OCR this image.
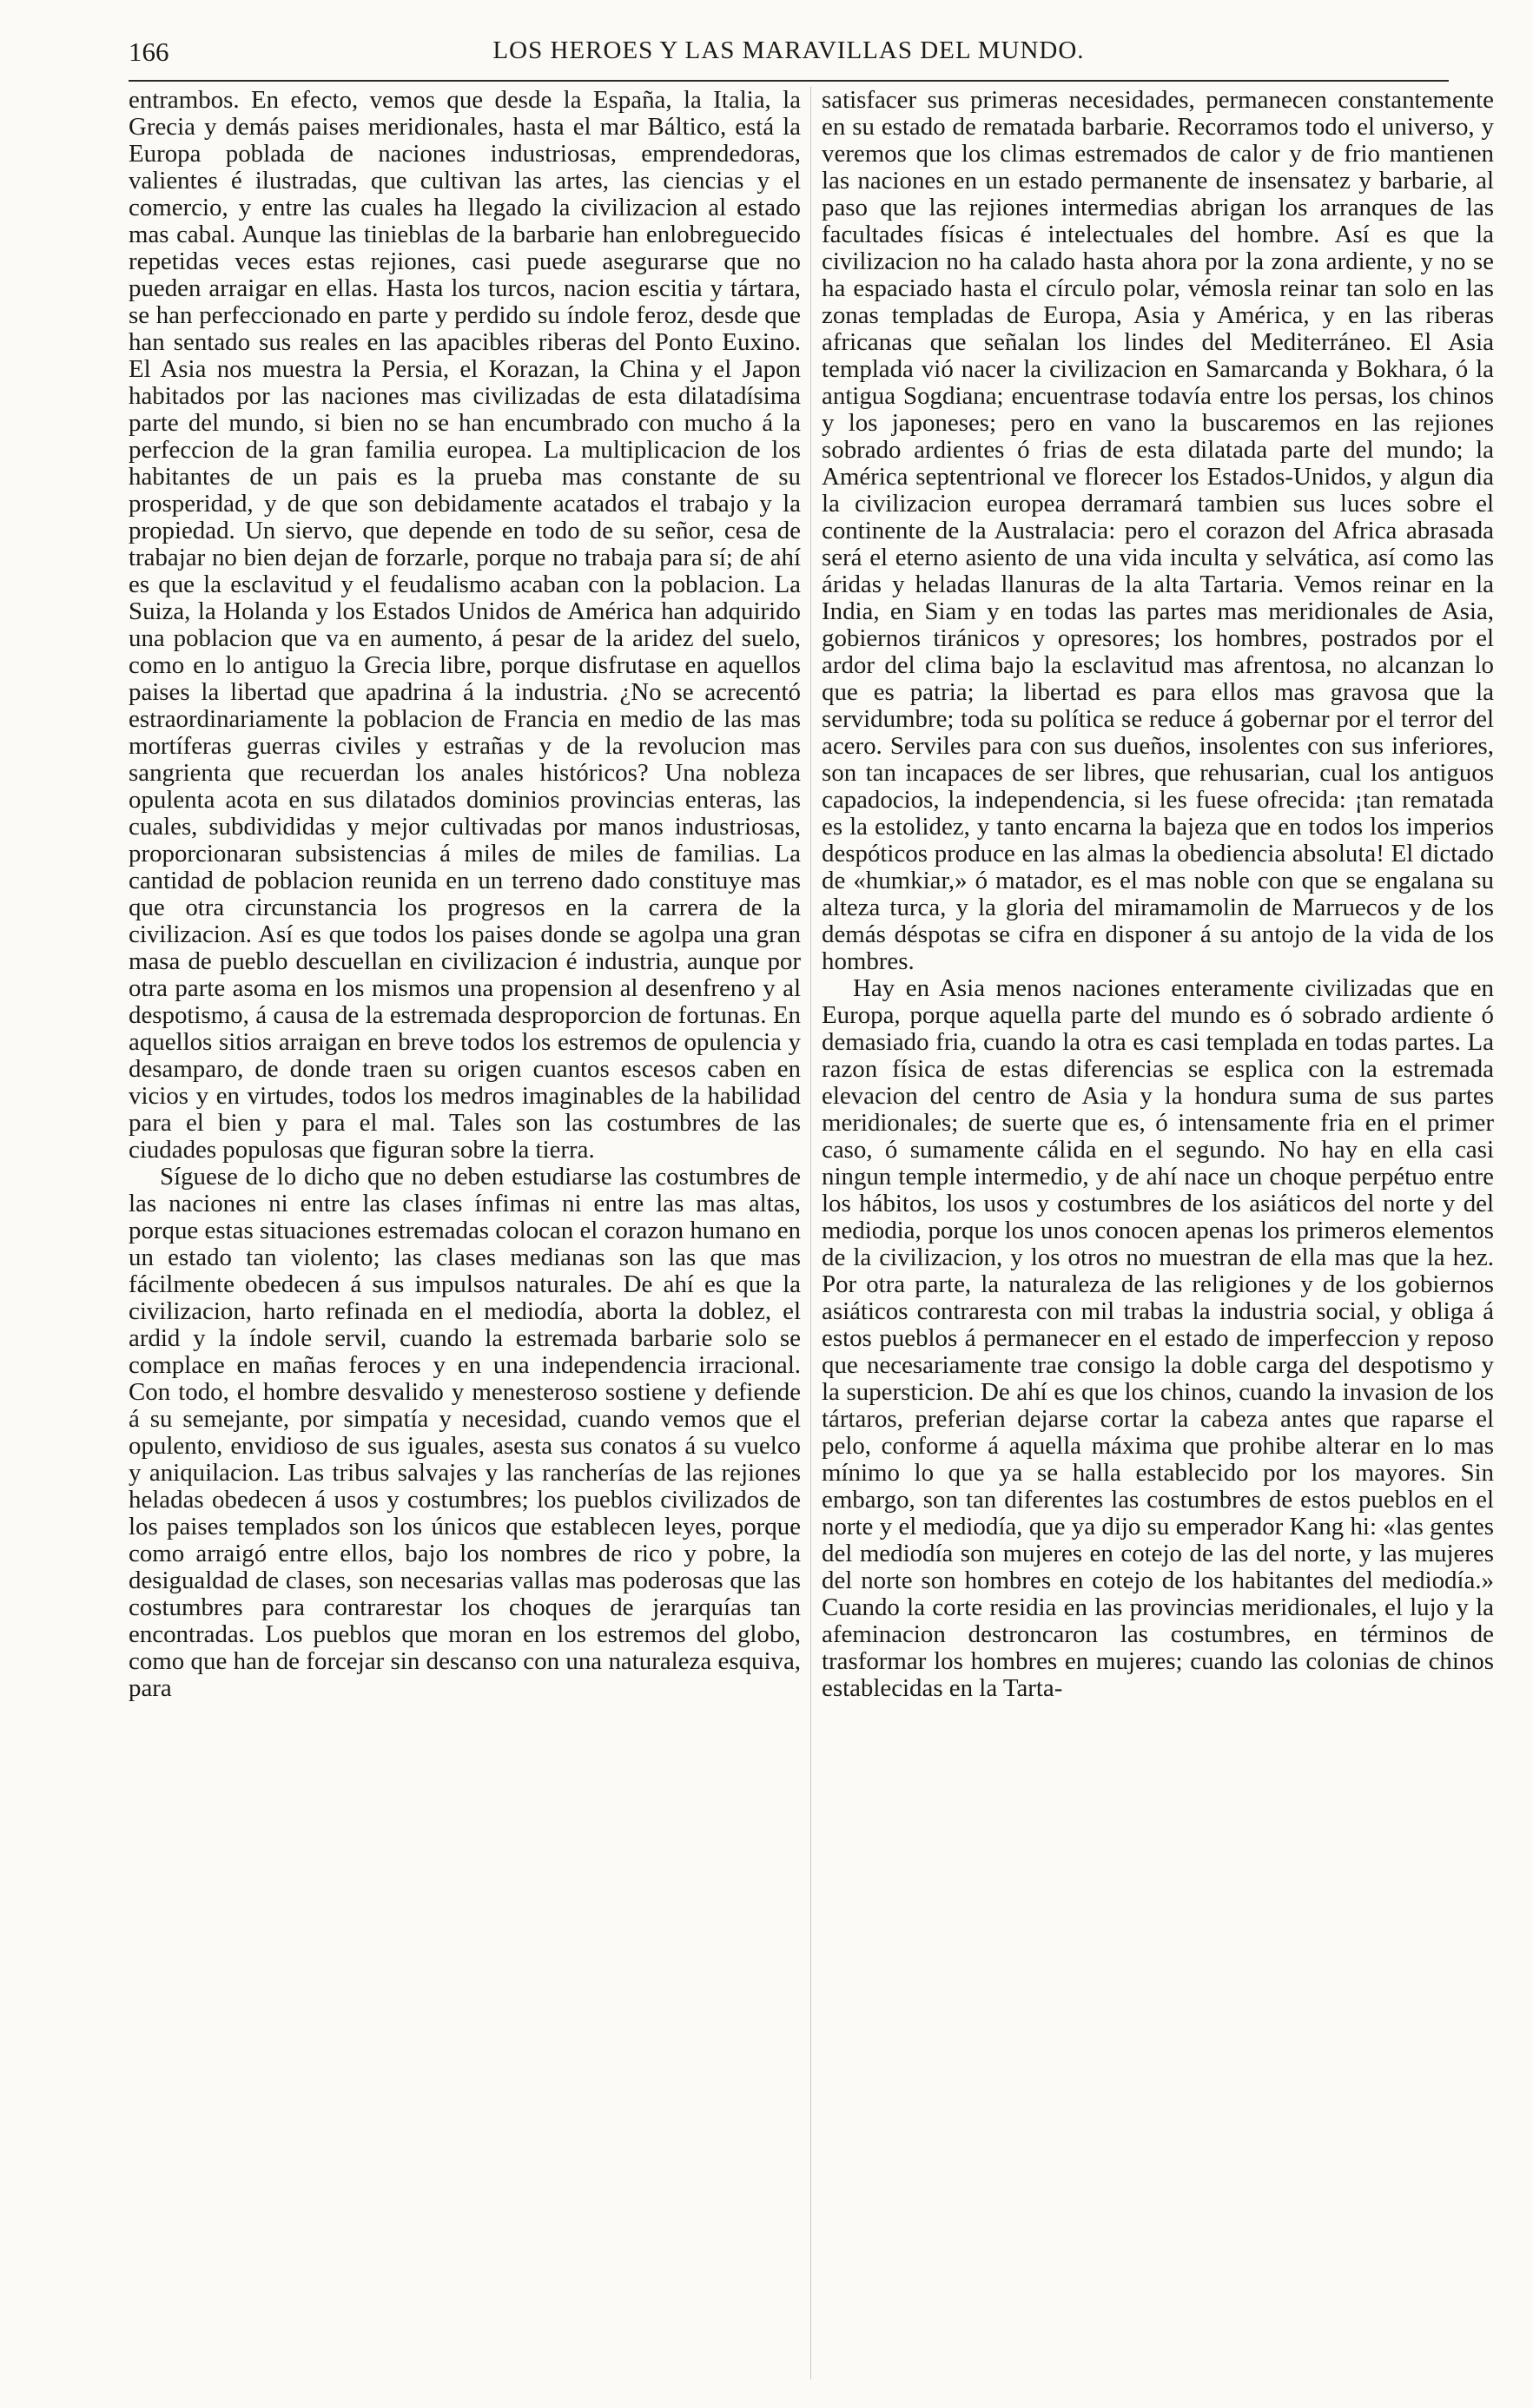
166	LOS HEROES Y LAS MARAVILLAS DEL MUNDO.

entrambos. En efecto, vemos que desde la España, la Italia, la Grecia y demás paises meridionales, hasta el mar Báltico, está la Europa poblada de naciones industriosas, emprendedoras, valientes é ilustradas, que cultivan las artes, las ciencias y el comercio, y entre las cuales ha llegado la civilizacion al estado mas cabal. Aunque las tinieblas de la barbarie han enlobreguecido repetidas veces estas rejiones, casi puede asegurarse que no pueden arraigar en ellas. Hasta los turcos, nacion escitia y tártara, se han perfeccionado en parte y perdido su índole feroz, desde que han sentado sus reales en las apacibles riberas del Ponto Euxino. El Asia nos muestra la Persia, el Korazan, la China y el Japon habitados por las naciones mas civilizadas de esta dilatadísima parte del mundo, si bien no se han encumbrado con mucho á la perfeccion de la gran familia europea. La multiplicacion de los habitantes de un pais es la prueba mas constante de su prosperidad, y de que son debidamente acatados el trabajo y la propiedad. Un siervo, que depende en todo de su señor, cesa de trabajar no bien dejan de forzarle, porque no trabaja para sí; de ahí es que la esclavitud y el feudalismo acaban con la poblacion. La Suiza, la Holanda y los Estados Unidos de América han adquirido una poblacion que va en aumento, á pesar de la aridez del suelo, como en lo antiguo la Grecia libre, porque disfrutase en aquellos paises la libertad que apadrina á la industria. ¿No se acrecentó estraordinariamente la poblacion de Francia en medio de las mas mortíferas guerras civiles y estrañas y de la revolucion mas sangrienta que recuerdan los anales históricos? Una nobleza opulenta acota en sus dilatados dominios provincias enteras, las cuales, subdivididas y mejor cultivadas por manos industriosas, proporcionaran subsistencias á miles de miles de familias. La cantidad de poblacion reunida en un terreno dado constituye mas que otra circunstancia los progresos en la carrera de la civilizacion. Así es que todos los paises donde se agolpa una gran masa de pueblo descuellan en civilizacion é industria, aunque por otra parte asoma en los mismos una propension al desenfreno y al despotismo, á causa de la estremada desproporcion de fortunas. En aquellos sitios arraigan en breve todos los estremos de opulencia y desamparo, de donde traen su origen cuantos escesos caben en vicios y en virtudes, todos los medros imaginables de la habilidad para el bien y para el mal. Tales son las costumbres de las ciudades populosas que figuran sobre la tierra.

Síguese de lo dicho que no deben estudiarse las costumbres de las naciones ni entre las clases ínfimas ni entre las mas altas, porque estas situaciones estremadas colocan el corazon humano en un estado tan violento; las clases medianas son las que mas fácilmente obedecen á sus impulsos naturales. De ahí es que la civilizacion, harto refinada en el mediodía, aborta la doblez, el ardid y la índole servil, cuando la estremada barbarie solo se complace en mañas feroces y en una independencia irracional. Con todo, el hombre desvalido y menesteroso sostiene y defiende á su semejante, por simpatía y necesidad, cuando vemos que el opulento, envidioso de sus iguales, asesta sus conatos á su vuelco y aniquilacion. Las tribus salvajes y las rancherías de las rejiones heladas obedecen á usos y costumbres; los pueblos civilizados de los paises templados son los únicos que establecen leyes, porque como arraigó entre ellos, bajo los nombres de rico y pobre, la desigualdad de clases, son necesarias vallas mas poderosas que las costumbres para contrarestar los choques de jerarquías tan encontradas. Los pueblos que moran en los estremos del globo, como que han de forcejar sin descanso con una naturaleza esquiva, para

satisfacer sus primeras necesidades, permanecen constantemente en su estado de rematada barbarie. Recorramos todo el universo, y veremos que los climas estremados de calor y de frio mantienen las naciones en un estado permanente de insensatez y barbarie, al paso que las rejiones intermedias abrigan los arranques de las facultades físicas é intelectuales del hombre. Así es que la civilizacion no ha calado hasta ahora por la zona ardiente, y no se ha espaciado hasta el círculo polar, vémosla reinar tan solo en las zonas templadas de Europa, Asia y América, y en las riberas africanas que señalan los lindes del Mediterráneo. El Asia templada vió nacer la civilizacion en Samarcanda y Bokhara, ó la antigua Sogdiana; encuentrase todavía entre los persas, los chinos y los japoneses; pero en vano la buscaremos en las rejiones sobrado ardientes ó frias de esta dilatada parte del mundo; la América septentrional ve florecer los Estados-Unidos, y algun dia la civilizacion europea derramará tambien sus luces sobre el continente de la Australacia: pero el corazon del Africa abrasada será el eterno asiento de una vida inculta y selvática, así como las áridas y heladas llanuras de la alta Tartaria. Vemos reinar en la India, en Siam y en todas las partes mas meridionales de Asia, gobiernos tiránicos y opresores; los hombres, postrados por el ardor del clima bajo la esclavitud mas afrentosa, no alcanzan lo que es patria; la libertad es para ellos mas gravosa que la servidumbre; toda su política se reduce á gobernar por el terror del acero. Serviles para con sus dueños, insolentes con sus inferiores, son tan incapaces de ser libres, que rehusarian, cual los antiguos capadocios, la independencia, si les fuese ofrecida: ¡tan rematada es la estolidez, y tanto encarna la bajeza que en todos los imperios despóticos produce en las almas la obediencia absoluta! El dictado de «humkiar,» ó matador, es el mas noble con que se engalana su alteza turca, y la gloria del miramamolin de Marruecos y de los demás déspotas se cifra en disponer á su antojo de la vida de los hombres.

Hay en Asia menos naciones enteramente civilizadas que en Europa, porque aquella parte del mundo es ó sobrado ardiente ó demasiado fria, cuando la otra es casi templada en todas partes. La razon física de estas diferencias se esplica con la estremada elevacion del centro de Asia y la hondura suma de sus partes meridionales; de suerte que es, ó intensamente fria en el primer caso, ó sumamente cálida en el segundo. No hay en ella casi ningun temple intermedio, y de ahí nace un choque perpétuo entre los hábitos, los usos y costumbres de los asiáticos del norte y del mediodia, porque los unos conocen apenas los primeros elementos de la civilizacion, y los otros no muestran de ella mas que la hez. Por otra parte, la naturaleza de las religiones y de los gobiernos asiáticos contraresta con mil trabas la industria social, y obliga á estos pueblos á permanecer en el estado de imperfeccion y reposo que necesariamente trae consigo la doble carga del despotismo y la supersticion. De ahí es que los chinos, cuando la invasion de los tártaros, preferian dejarse cortar la cabeza antes que raparse el pelo, conforme á aquella máxima que prohibe alterar en lo mas mínimo lo que ya se halla establecido por los mayores. Sin embargo, son tan diferentes las costumbres de estos pueblos en el norte y el mediodía, que ya dijo su emperador Kang hi: «las gentes del mediodía son mujeres en cotejo de las del norte, y las mujeres del norte son hombres en cotejo de los habitantes del mediodía.» Cuando la corte residia en las provincias meridionales, el lujo y la afeminacion destroncaron las costumbres, en términos de trasformar los hombres en mujeres; cuando las colonias de chinos establecidas en la Tarta-
